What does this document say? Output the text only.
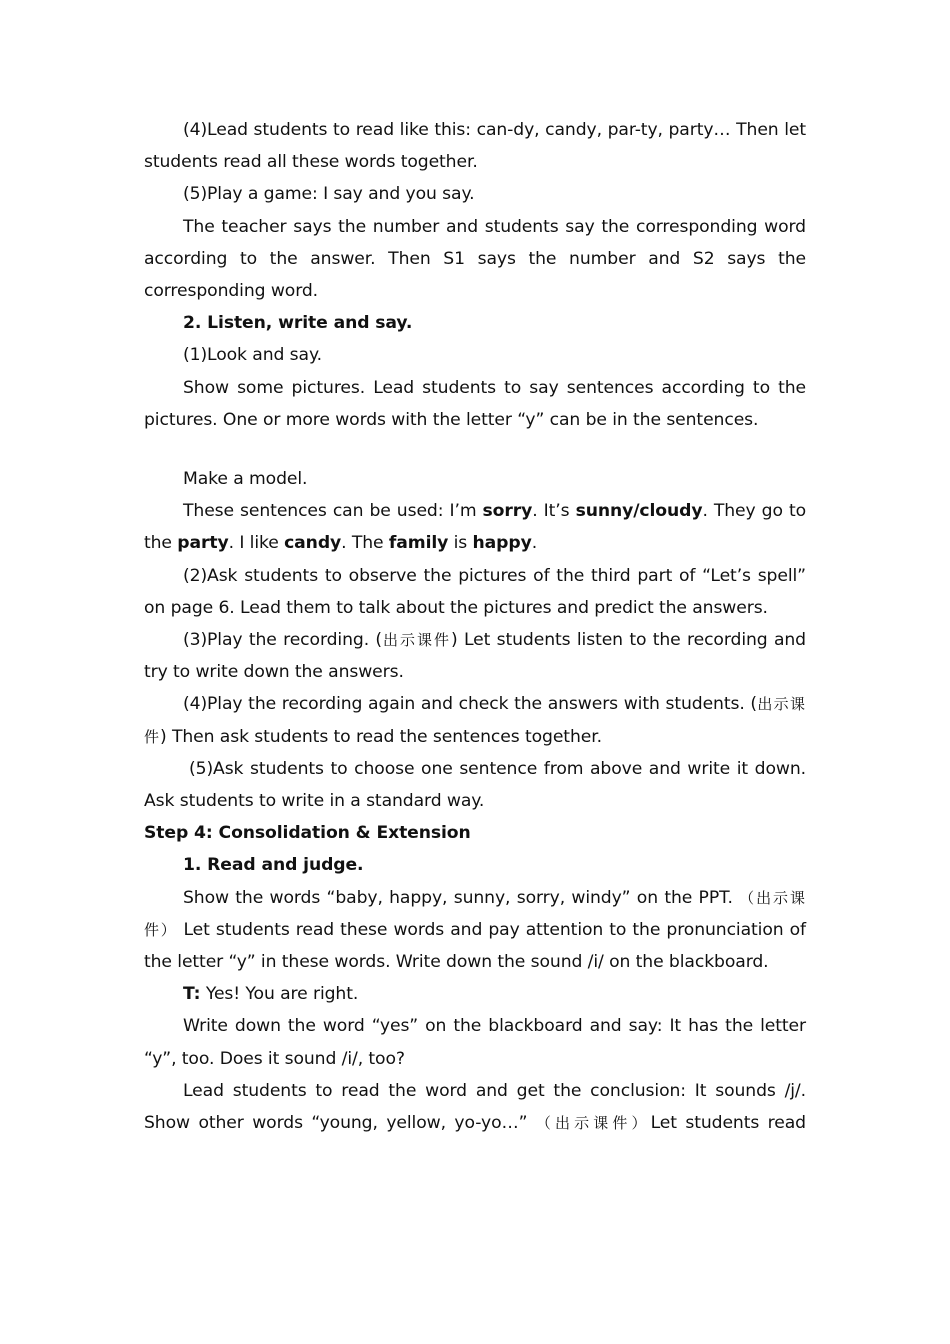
(4)Lead students to read like this: can-dy, candy, par-ty, party… Then let students read all these words together.

(5)Play a game: I say and you say.

The teacher says the number and students say the corresponding word according to the answer. Then S1 says the number and S2 says the corresponding word.

2. Listen, write and say.

(1)Look and say.

Show some pictures. Lead students to say sentences according to the pictures. One or more words with the letter “y” can be in the sentences.

Make a model.

These sentences can be used: I’m sorry. It’s sunny/cloudy. They go to the party. I like candy. The family is happy.

(2)Ask students to observe the pictures of the third part of “Let’s spell” on page 6. Lead them to talk about the pictures and predict the answers.

(3)Play the recording. (出示课件) Let students listen to the recording and try to write down the answers.

(4)Play the recording again and check the answers with students. (出示课件) Then ask students to read the sentences together.

(5)Ask students to choose one sentence from above and write it down. Ask students to write in a standard way.

Step 4: Consolidation & Extension

1. Read and judge.

Show the words “baby, happy, sunny, sorry, windy” on the PPT. （出示课件） Let students read these words and pay attention to the pronunciation of the letter “y” in these words. Write down the sound /i/ on the blackboard.

T: Yes! You are right.

Write down the word “yes” on the blackboard and say: It has the letter “y”, too. Does it sound /i/, too?

Lead students to read the word and get the conclusion: It sounds /j/. Show other words “young, yellow, yo-yo…” （出示课件）Let students read
